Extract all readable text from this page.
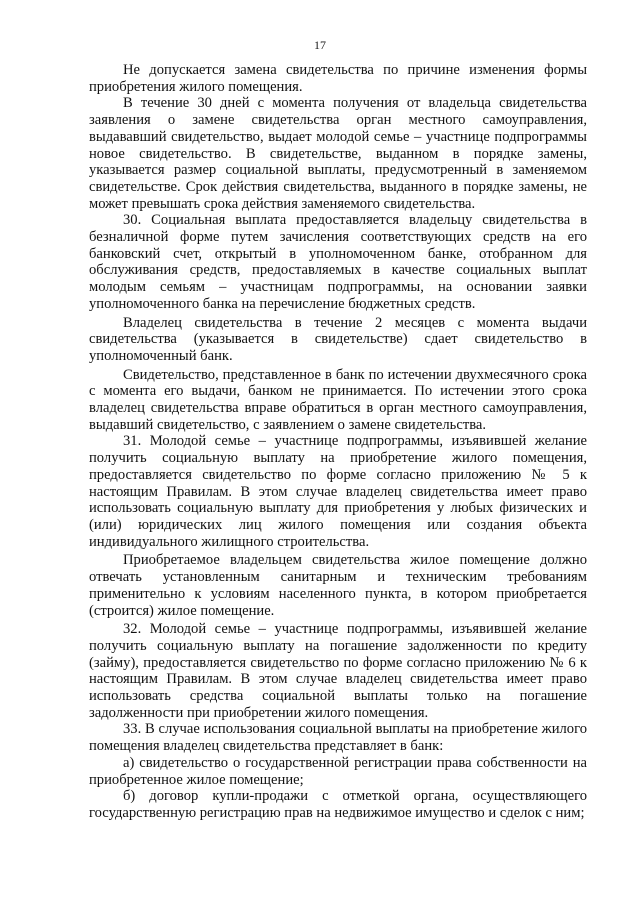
17

Не допускается замена свидетельства по причине изменения формы приобретения жилого помещения.

В течение 30 дней с момента получения от владельца свидетельства заявления о замене свидетельства орган местного самоуправления, выдававший свидетельство, выдает молодой семье – участнице подпрограммы новое свидетельство. В свидетельстве, выданном в порядке замены, указывается размер социальной выплаты, предусмотренный в заменяемом свидетельстве. Срок действия свидетельства, выданного в порядке замены, не может превышать срока действия заменяемого свидетельства.

30. Социальная выплата предоставляется владельцу свидетельства в безналичной форме путем зачисления соответствующих средств на его банковский счет, открытый в уполномоченном банке, отобранном для обслуживания средств, предоставляемых в качестве социальных выплат молодым семьям – участницам подпрограммы, на основании заявки уполномоченного банка на перечисление бюджетных средств.

Владелец свидетельства в течение 2 месяцев с момента выдачи свидетельства (указывается в свидетельстве) сдает свидетельство в уполномоченный банк.

Свидетельство, представленное в банк по истечении двухмесячного срока с момента его выдачи, банком не принимается. По истечении этого срока владелец свидетельства вправе обратиться в орган местного самоуправления, выдавший свидетельство, с заявлением о замене свидетельства.

31. Молодой семье – участнице подпрограммы, изъявившей желание получить социальную выплату на приобретение жилого помещения, предоставляется свидетельство по форме согласно приложению № 5 к настоящим Правилам. В этом случае владелец свидетельства имеет право использовать социальную выплату для приобретения у любых физических и (или) юридических лиц жилого помещения или создания объекта индивидуального жилищного строительства.

Приобретаемое владельцем свидетельства жилое помещение должно отвечать установленным санитарным и техническим требованиям применительно к условиям населенного пункта, в котором приобретается (строится) жилое помещение.

32. Молодой семье – участнице подпрограммы, изъявившей желание получить социальную выплату на погашение задолженности по кредиту (займу), предоставляется свидетельство по форме согласно приложению № 6 к настоящим Правилам. В этом случае владелец свидетельства имеет право использовать средства социальной выплаты только на погашение задолженности при приобретении жилого помещения.

33. В случае использования социальной выплаты на приобретение жилого помещения владелец свидетельства представляет в банк:

а) свидетельство о государственной регистрации права собственности на приобретенное жилое помещение;

б) договор купли-продажи с отметкой органа, осуществляющего государственную регистрацию прав на недвижимое имущество и сделок с ним;
